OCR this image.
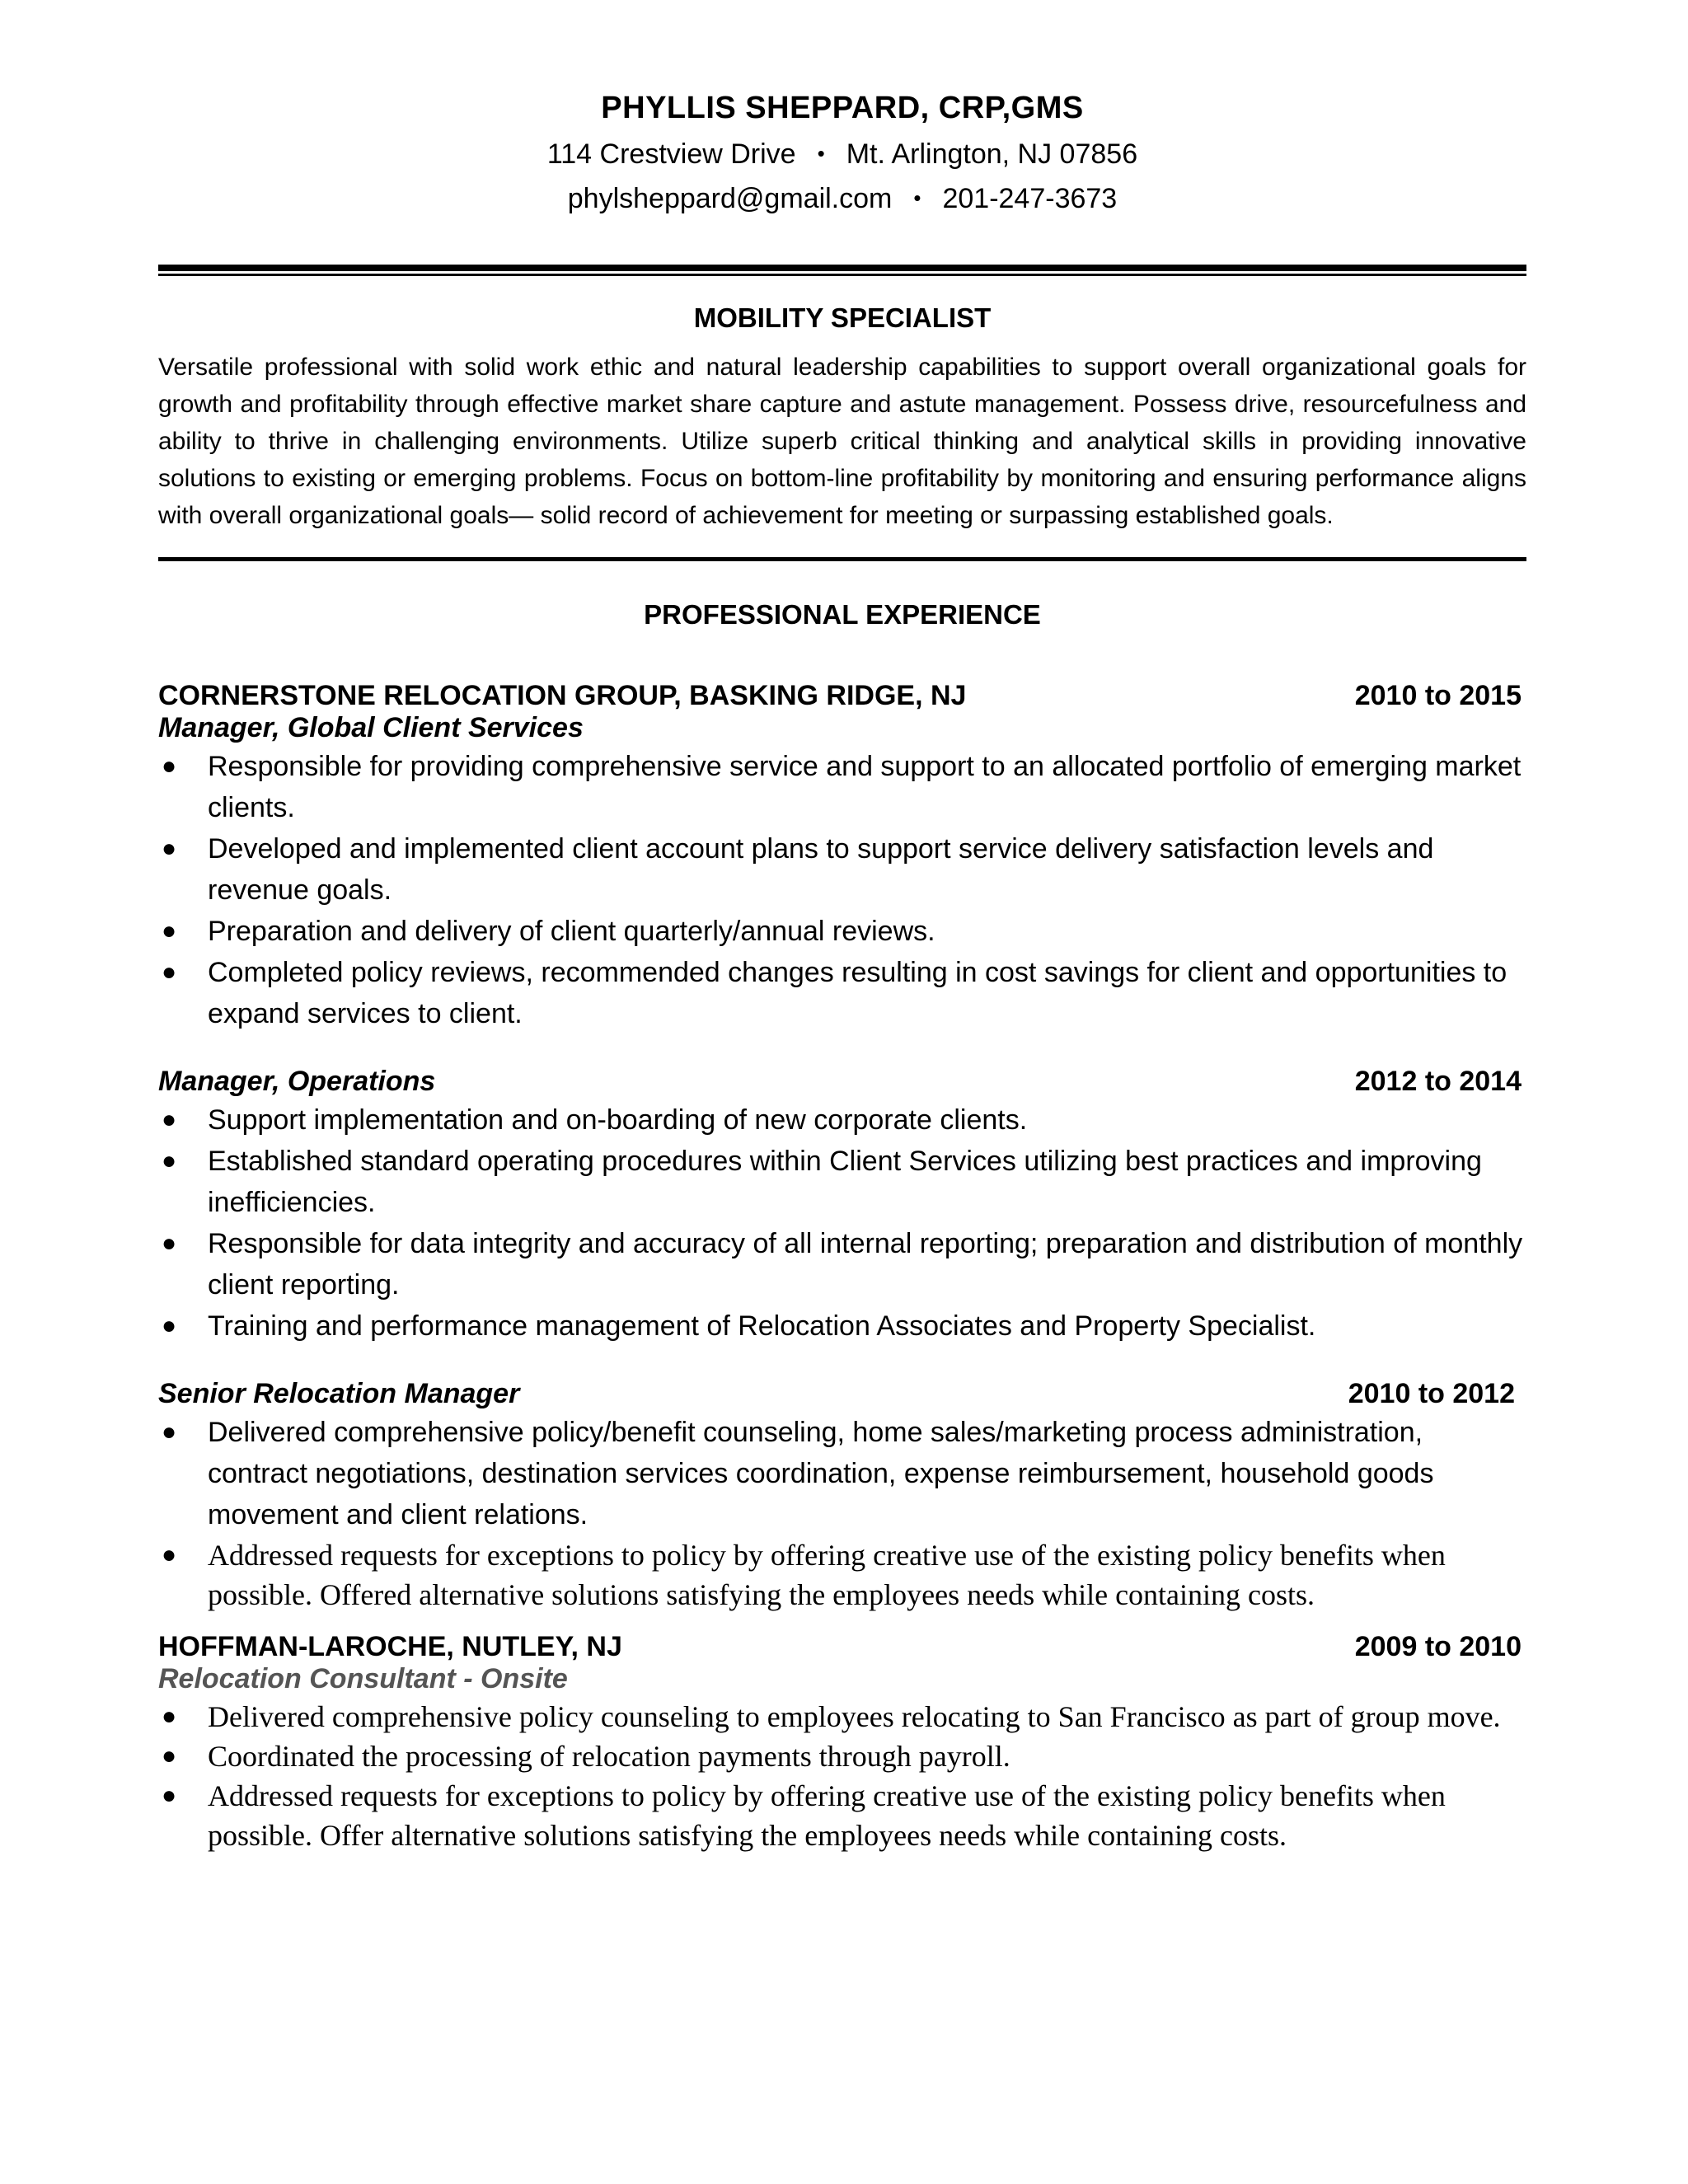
PHYLLIS SHEPPARD, CRP,GMS
114 Crestview Drive • Mt. Arlington, NJ 07856
phylsheppard@gmail.com • 201-247-3673
MOBILITY SPECIALIST

Versatile professional with solid work ethic and natural leadership capabilities to support overall organizational goals for growth and profitability through effective market share capture and astute management. Possess drive, resourcefulness and ability to thrive in challenging environments. Utilize superb critical thinking and analytical skills in providing innovative solutions to existing or emerging problems. Focus on bottom-line profitability by monitoring and ensuring performance aligns with overall organizational goals— solid record of achievement for meeting or surpassing established goals.

PROFESSIONAL EXPERIENCE
CORNERSTONE RELOCATION GROUP, BASKING RIDGE, NJ	2010 to 2015
Manager, Global Client Services
● Responsible for providing comprehensive service and support to an allocated portfolio of emerging market clients.
● Developed and implemented client account plans to support service delivery satisfaction levels and revenue goals.
● Preparation and delivery of client quarterly/annual reviews.
● Completed policy reviews, recommended changes resulting in cost savings for client and opportunities to expand services to client.
Manager, Operations	2012 to 2014
● Support implementation and on-boarding of new corporate clients.
● Established standard operating procedures within Client Services utilizing best practices and improving inefficiencies.
● Responsible for data integrity and accuracy of all internal reporting; preparation and distribution of monthly client reporting.
● Training and performance management of Relocation Associates and Property Specialist.
Senior Relocation Manager	2010 to 2012
● Delivered comprehensive policy/benefit counseling, home sales/marketing process administration, contract negotiations, destination services coordination, expense reimbursement, household goods movement and client relations.
● Addressed requests for exceptions to policy by offering creative use of the existing policy benefits when possible. Offered alternative solutions satisfying the employees needs while containing costs.
HOFFMAN-LAROCHE, NUTLEY, NJ	2009 to 2010
Relocation Consultant - Onsite
● Delivered comprehensive policy counseling to employees relocating to San Francisco as part of group move.
● Coordinated the processing of relocation payments through payroll.
● Addressed requests for exceptions to policy by offering creative use of the existing policy benefits when possible. Offer alternative solutions satisfying the employees needs while containing costs.
